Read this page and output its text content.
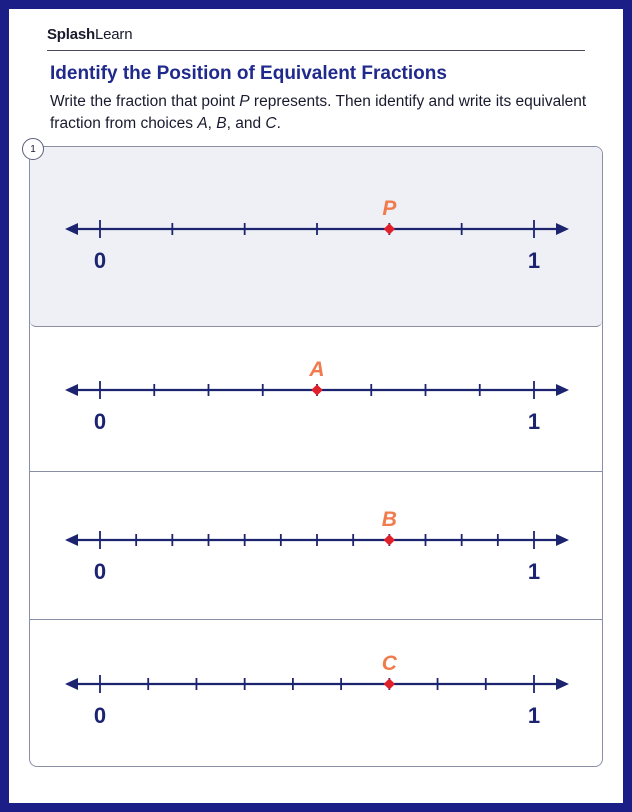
SplashLearn
Identify the Position of Equivalent Fractions
Write the fraction that point P represents. Then identify and write its equivalent fraction from choices A, B, and C.
0	1
P
0	1
A
0	1
B
0	1
C
1
